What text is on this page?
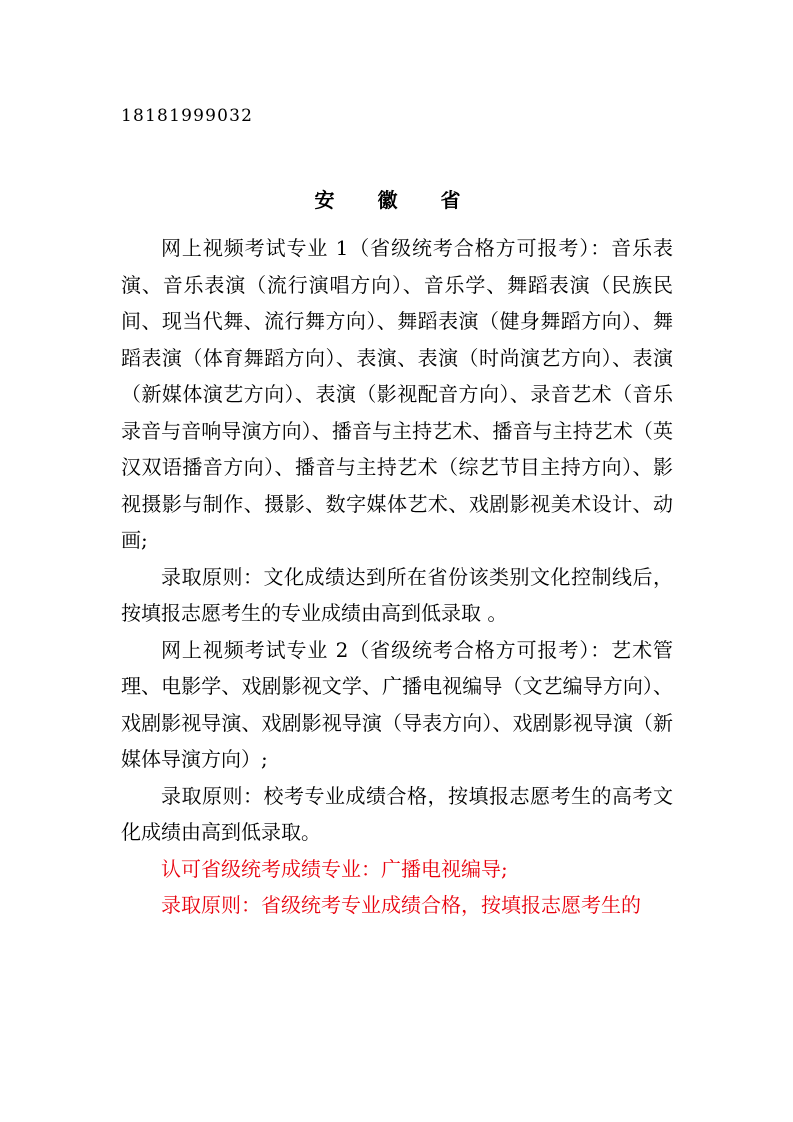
18181999032
安 徽 省

网上视频考试专业 1（省级统考合格方可报考）：音乐表演、音乐表演（流行演唱方向）、音乐学、舞蹈表演（民族民间、现当代舞、流行舞方向）、舞蹈表演（健身舞蹈方向）、舞蹈表演（体育舞蹈方向）、表演、表演（时尚演艺方向）、表演（新媒体演艺方向）、表演（影视配音方向）、录音艺术（音乐录音与音响导演方向）、播音与主持艺术、播音与主持艺术（英汉双语播音方向）、播音与主持艺术（综艺节目主持方向）、影视摄影与制作、摄影、数字媒体艺术、戏剧影视美术设计、动画;

录取原则：文化成绩达到所在省份该类别文化控制线后，按填报志愿考生的专业成绩由高到低录取 。

网上视频考试专业 2（省级统考合格方可报考）：艺术管理、电影学、戏剧影视文学、广播电视编导（文艺编导方向）、戏剧影视导演、戏剧影视导演（导表方向）、戏剧影视导演（新媒体导演方向）;

录取原则：校考专业成绩合格，按填报志愿考生的高考文化成绩由高到低录取。

认可省级统考成绩专业：广播电视编导;

录取原则：省级统考专业成绩合格，按填报志愿考生的
